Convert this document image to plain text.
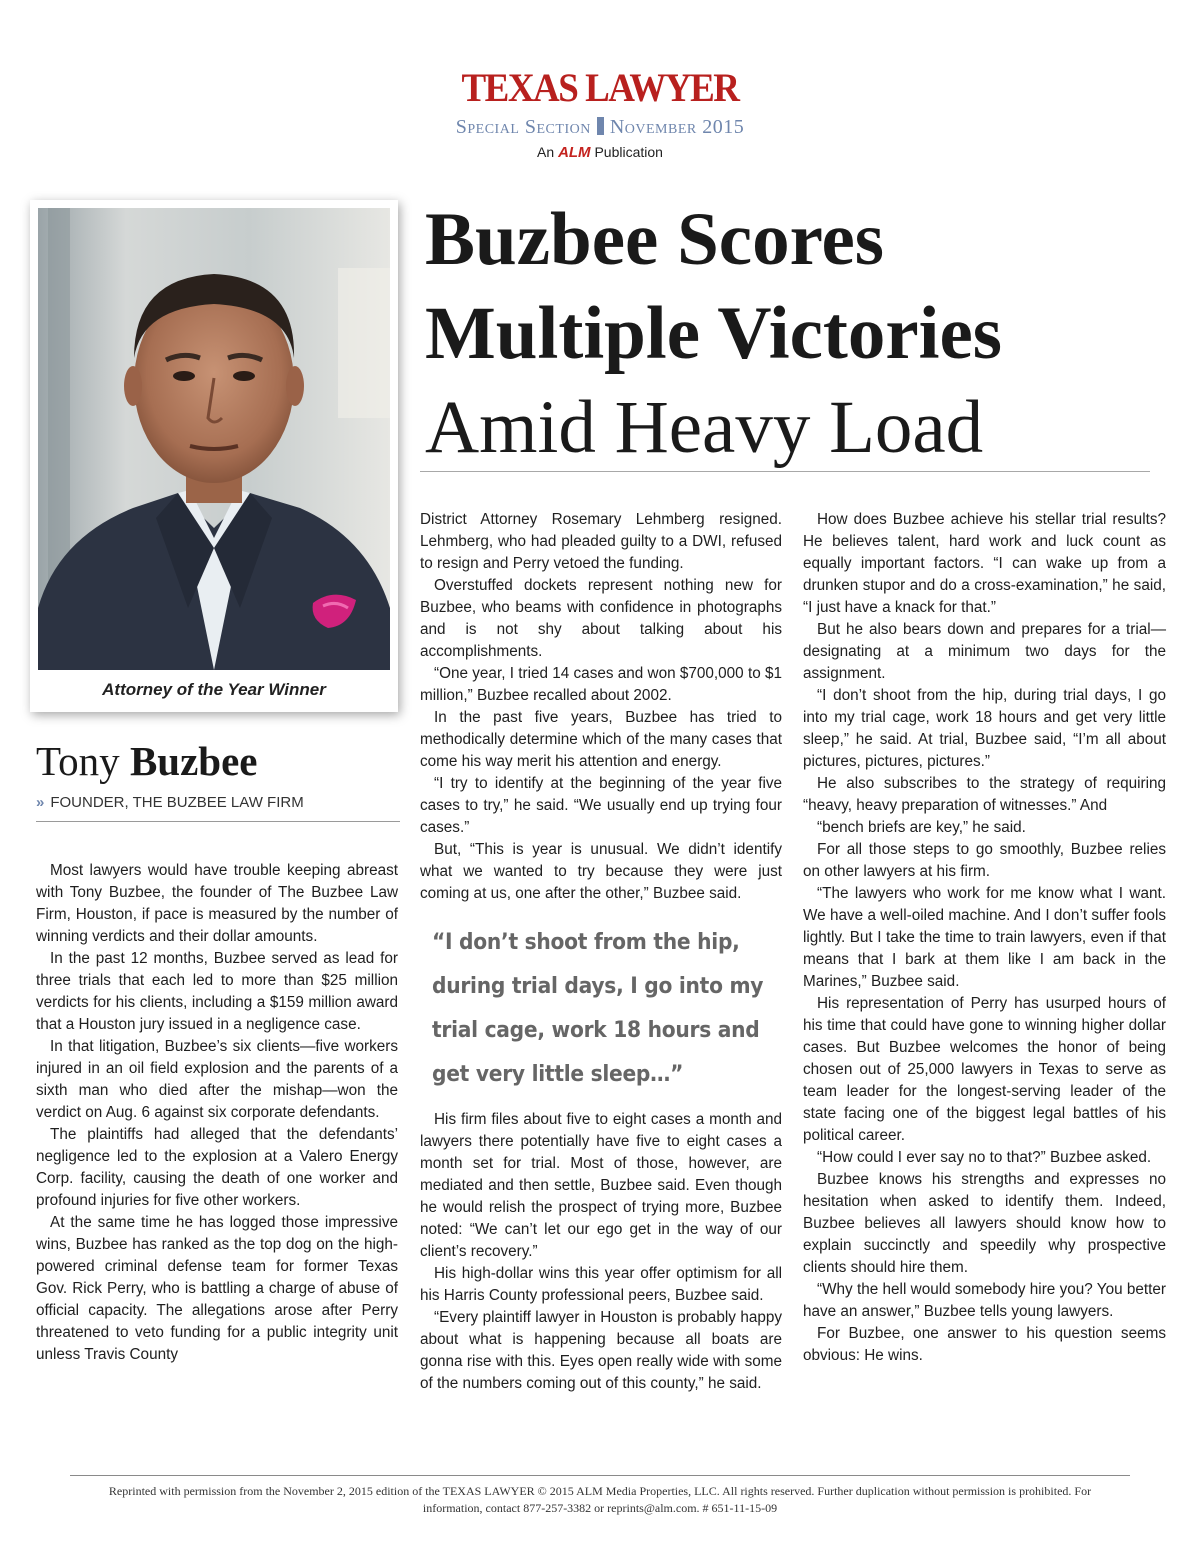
TEXAS LAWYER
Special Section November 2015
An ALM Publication
Attorney of the Year Winner
Buzbee Scores
Multiple Victories
Amid Heavy Load
Tony Buzbee
» FOUNDER, THE BUZBEE LAW FIRM

Most lawyers would have trouble keeping abreast with Tony Buzbee, the founder of The Buzbee Law Firm, Houston, if pace is measured by the number of winning verdicts and their dollar amounts.

In the past 12 months, Buzbee served as lead for three trials that each led to more than $25 million verdicts for his clients, including a $159 million award that a Houston jury issued in a negligence case.

In that litigation, Buzbee’s six clients—five workers injured in an oil field explosion and the parents of a sixth man who died after the mishap—won the verdict on Aug. 6 against six corporate defendants.

The plaintiffs had alleged that the defendants’ negligence led to the explosion at a Valero Energy Corp. facility, causing the death of one worker and profound injuries for five other workers.

At the same time he has logged those impressive wins, Buzbee has ranked as the top dog on the high-powered criminal defense team for former Texas Gov. Rick Perry, who is battling a charge of abuse of official capacity. The allegations arose after Perry threatened to veto funding for a public integrity unit unless Travis County

District Attorney Rosemary Lehmberg resigned. Lehmberg, who had pleaded guilty to a DWI, refused to resign and Perry vetoed the funding.

Overstuffed dockets represent nothing new for Buzbee, who beams with confidence in photographs and is not shy about talking about his accomplishments.

“One year, I tried 14 cases and won $700,000 to $1 million,” Buzbee recalled about 2002.

In the past five years, Buzbee has tried to methodically determine which of the many cases that come his way merit his attention and energy.

“I try to identify at the beginning of the year five cases to try,” he said. “We usually end up trying four cases.”

But, “This is year is unusual. We didn’t identify what we wanted to try because they were just coming at us, one after the other,” Buzbee said.

“I don’t shoot from the hip, during trial days, I go into my trial cage, work 18 hours and get very little sleep…”

His firm files about five to eight cases a month and lawyers there potentially have five to eight cases a month set for trial. Most of those, however, are mediated and then settle, Buzbee said. Even though he would relish the prospect of trying more, Buzbee noted: “We can’t let our ego get in the way of our client’s recovery.”

His high-dollar wins this year offer optimism for all his Harris County professional peers, Buzbee said.

“Every plaintiff lawyer in Houston is probably happy about what is happening because all boats are gonna rise with this. Eyes open really wide with some of the numbers coming out of this county,” he said.

How does Buzbee achieve his stellar trial results? He believes talent, hard work and luck count as equally important factors. “I can wake up from a drunken stupor and do a cross-examination,” he said, “I just have a knack for that.”

But he also bears down and prepares for a trial—designating at a minimum two days for the assignment.

“I don’t shoot from the hip, during trial days, I go into my trial cage, work 18 hours and get very little sleep,” he said. At trial, Buzbee said, “I’m all about pictures, pictures, pictures.”

He also subscribes to the strategy of requiring “heavy, heavy preparation of witnesses.” And

“bench briefs are key,” he said.

For all those steps to go smoothly, Buzbee relies on other lawyers at his firm.

“The lawyers who work for me know what I want. We have a well-oiled machine. And I don’t suffer fools lightly. But I take the time to train lawyers, even if that means that I bark at them like I am back in the Marines,” Buzbee said.

His representation of Perry has usurped hours of his time that could have gone to winning higher dollar cases. But Buzbee welcomes the honor of being chosen out of 25,000 lawyers in Texas to serve as team leader for the longest-serving leader of the state facing one of the biggest legal battles of his political career.

“How could I ever say no to that?” Buzbee asked.

Buzbee knows his strengths and expresses no hesitation when asked to identify them. Indeed, Buzbee believes all lawyers should know how to explain succinctly and speedily why prospective clients should hire them.

“Why the hell would somebody hire you? You better have an answer,” Buzbee tells young lawyers.

For Buzbee, one answer to his question seems obvious: He wins.

Reprinted with permission from the November 2, 2015 edition of the TEXAS LAWYER © 2015 ALM Media Properties, LLC. All rights reserved. Further duplication without permission is prohibited. For information, contact 877-257-3382 or reprints@alm.com. # 651-11-15-09
